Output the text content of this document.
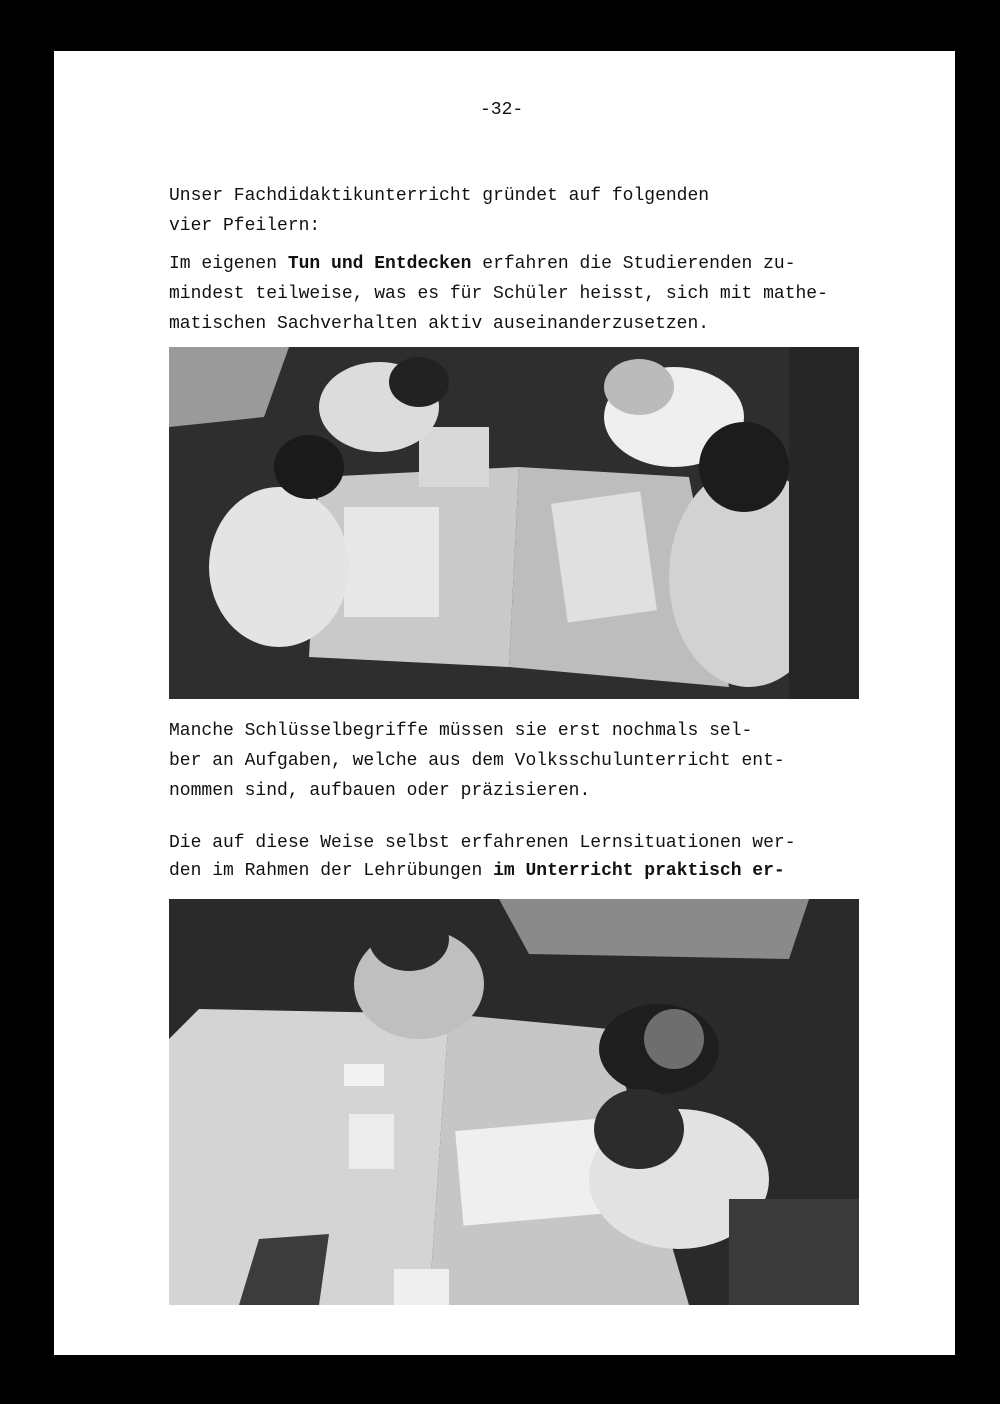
-32-
Unser Fachdidaktikunterricht gründet auf folgenden
vier Pfeilern:
Im eigenen Tun und Entdecken erfahren die Studierenden zu-
mindest teilweise, was es für Schüler heisst, sich mit mathe-
matischen Sachverhalten aktiv auseinanderzusetzen.
Manche Schlüsselbegriffe müssen sie erst nochmals sel-
ber an Aufgaben, welche aus dem Volksschulunterricht ent-
nommen sind, aufbauen oder präzisieren.
Die auf diese Weise selbst erfahrenen Lernsituationen wer-
den im Rahmen der Lehrübungen im Unterricht praktisch er-
